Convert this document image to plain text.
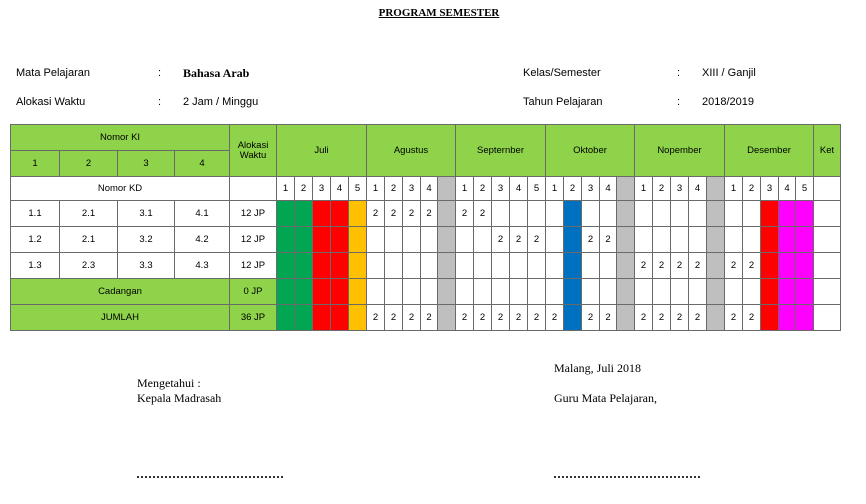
PROGRAM SEMESTER
Mata Pelajaran	: Bahasa Arab	Kelas/Semester	: XIII / Ganjil
Alokasi Waktu	: 2 Jam / Minggu	Tahun Pelajaran	: 2018/2019
Nomor KI				Alokasi Waktu	Juli					Agustus					Septernber					Oktober					Nopember					Desember					Ket
1	2	3	4																																
Nomor KD					1	2	3	4	5	1	2	3	4		1	2	3	4	5	1	2	3	4		1	2	3	4		1	2	3	4	5	
1.1	2.1	3.1	4.1	12 JP						2	2	2	2		2	2																			
1.2	2.1	3.2	4.2	12 JP													2	2	2			2	2												
1.3	2.3	3.3	4.3	12 JP																					2	2	2	2		2	2				
Cadangan				0 JP																															
JUMLAH				36 JP						2	2	2	2		2	2	2	2	2	2		2	2		2	2	2	2		2	2				
Mengetahui :
Kepala Madrasah
Malang, Juli 2018
Guru Mata Pelajaran,
